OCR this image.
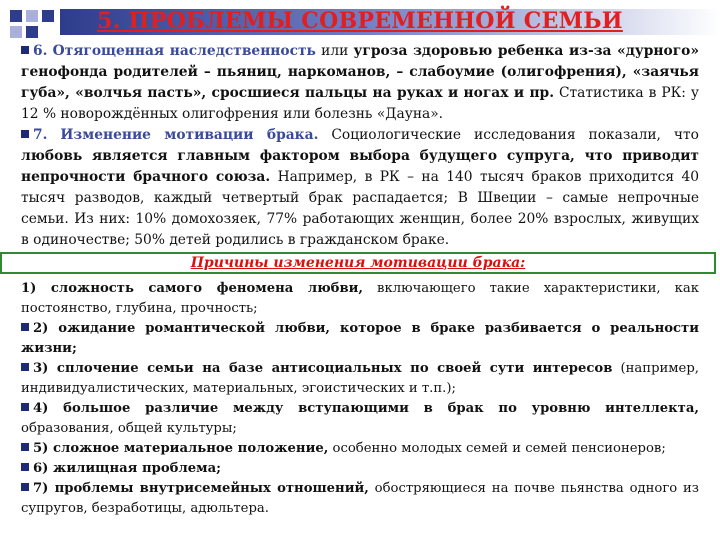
5. ПРОБЛЕМЫ СОВРЕМЕННОЙ СЕМЬИ

6. Отягощенная наследственность или угроза здоровью ребенка из-за «дурного» генофонда родителей – пьяниц, наркоманов, – слабоумие (олигофрения), «заячья губа», «волчья пасть», сросшиеся пальцы на руках и ногах и пр. Статистика в РК: у 12 % новорождённых олигофрения или болезнь «Дауна».

7. Изменение мотивации брака. Социологические исследования показали, что любовь является главным фактором выбора будущего супруга, что приводит непрочности брачного союза. Например, в РК – на 140 тысяч браков приходится 40 тысяч разводов, каждый четвертый брак распадается; В Швеции – самые непрочные семьи. Из них: 10% домохозяек, 77% работающих женщин, более 20% взрослых, живущих в одиночестве; 50% детей родились в гражданском браке.

Причины изменения мотивации брака:

1) сложность самого феномена любви, включающего такие характеристики, как постоянство, глубина, прочность;

2) ожидание романтической любви, которое в браке разбивается о реальности жизни;

3) сплочение семьи на базе антисоциальных по своей сути интересов (например, индивидуалистических, материальных, эгоистических и т.п.);

4) большое различие между вступающими в брак по уровню интеллекта, образования, общей культуры;

5) сложное материальное положение, особенно молодых семей и семей пенсионеров;

6) жилищная проблема;

7) проблемы внутрисемейных отношений, обостряющиеся на почве пьянства одного из супругов, безработицы, адюльтера.
